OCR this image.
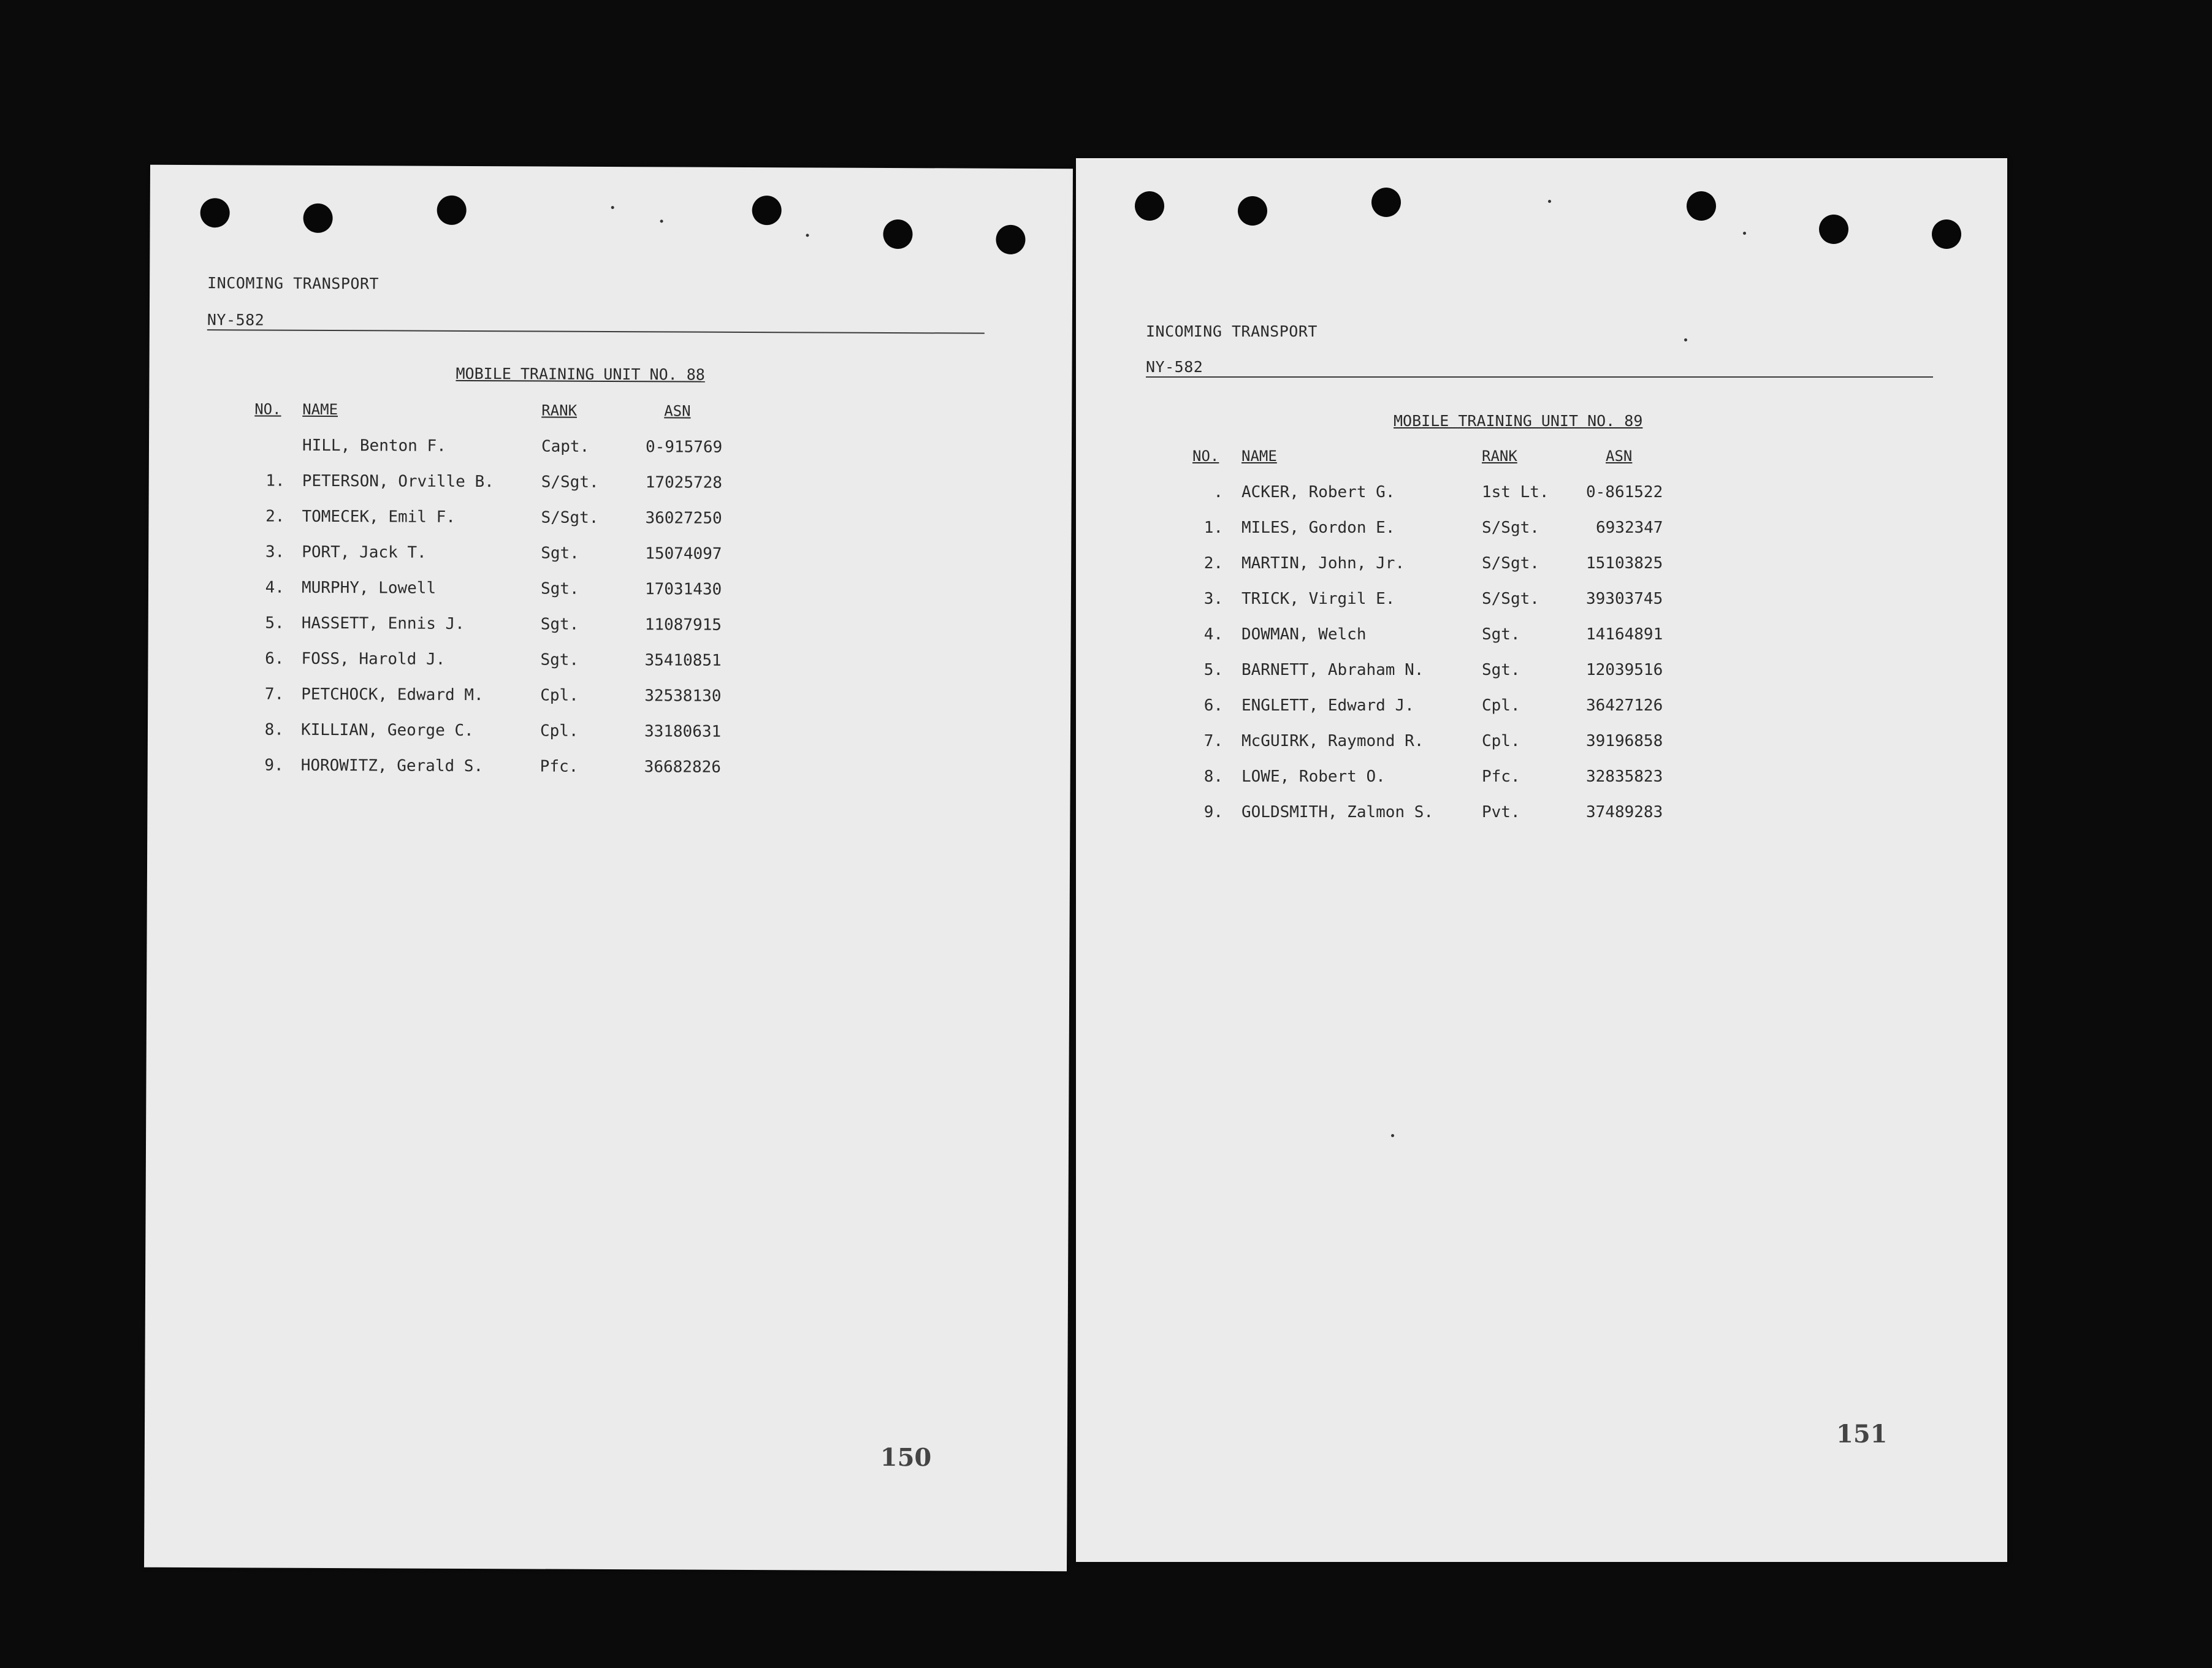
INCOMING TRANSPORT
NY-582
MOBILE TRAINING UNIT NO. 88
NO. NAME	RANK	ASN
HILL, Benton F.	Capt.	0-915769
1. PETERSON, Orville B.	S/Sgt.	17025728
2. TOMECEK, Emil F.	S/Sgt.	36027250
3. PORT, Jack T.	Sgt.	15074097
4. MURPHY, Lowell	Sgt.	17031430
5. HASSETT, Ennis J.	Sgt.	11087915
6. FOSS, Harold J.	Sgt.	35410851
7. PETCHOCK, Edward M.	Cpl.	32538130
8. KILLIAN, George C.	Cpl.	33180631
9. HOROWITZ, Gerald S.	Pfc.	36682826
150
INCOMING TRANSPORT
NY-582
MOBILE TRAINING UNIT NO. 89
NO. NAME	RANK	ASN
. ACKER, Robert G.	1st Lt. 0-861522
1. MILES, Gordon E.	S/Sgt.	6932347
2. MARTIN, John, Jr.	S/Sgt.	15103825
3. TRICK, Virgil E.	S/Sgt.	39303745
4. DOWMAN, Welch	Sgt.	14164891
5. BARNETT, Abraham N.	Sgt.	12039516
6. ENGLETT, Edward J.	Cpl.	36427126
7. McGUIRK, Raymond R.	Cpl.	39196858
8. LOWE, Robert O.	Pfc.	32835823
9. GOLDSMITH, Zalmon S.	Pvt.	37489283
151
